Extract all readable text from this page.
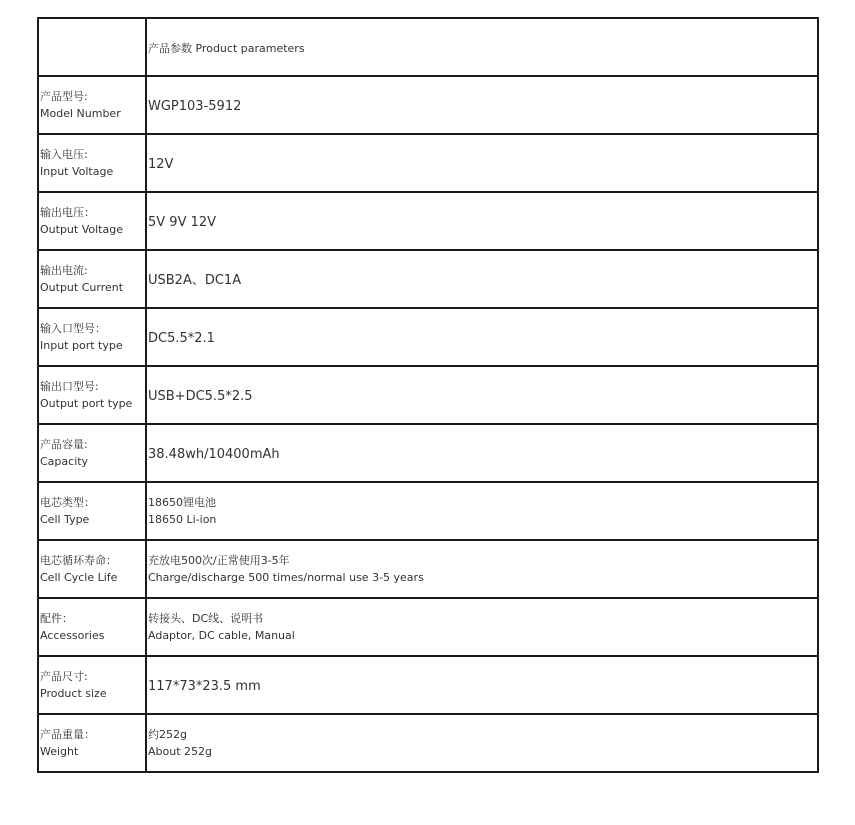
	产品参数 Product parameters

产品型号:
Model Number	WGP103-5912

输入电压:
Input Voltage	12V

输出电压：
Output Voltage	5V 9V 12V

输出电流:
Output Current	USB2A、DC1A

输入口型号：
Input port type	DC5.5*2.1

输出口型号:
Output port type	USB+DC5.5*2.5

产品容量:
Capacity	38.48wh/10400mAh

电芯类型：
Cell Type	18650锂电池
18650 Li-ion

电芯循环寿命：
Cell Cycle Life	充放电500次/正常使用3-5年
Charge/discharge 500 times/normal use 3-5 years

配件：
Accessories	转接头、DC线、说明书
Adaptor, DC cable, Manual

产品尺寸:
Product size	117*73*23.5 mm

产品重量：
Weight	约252g
About 252g
